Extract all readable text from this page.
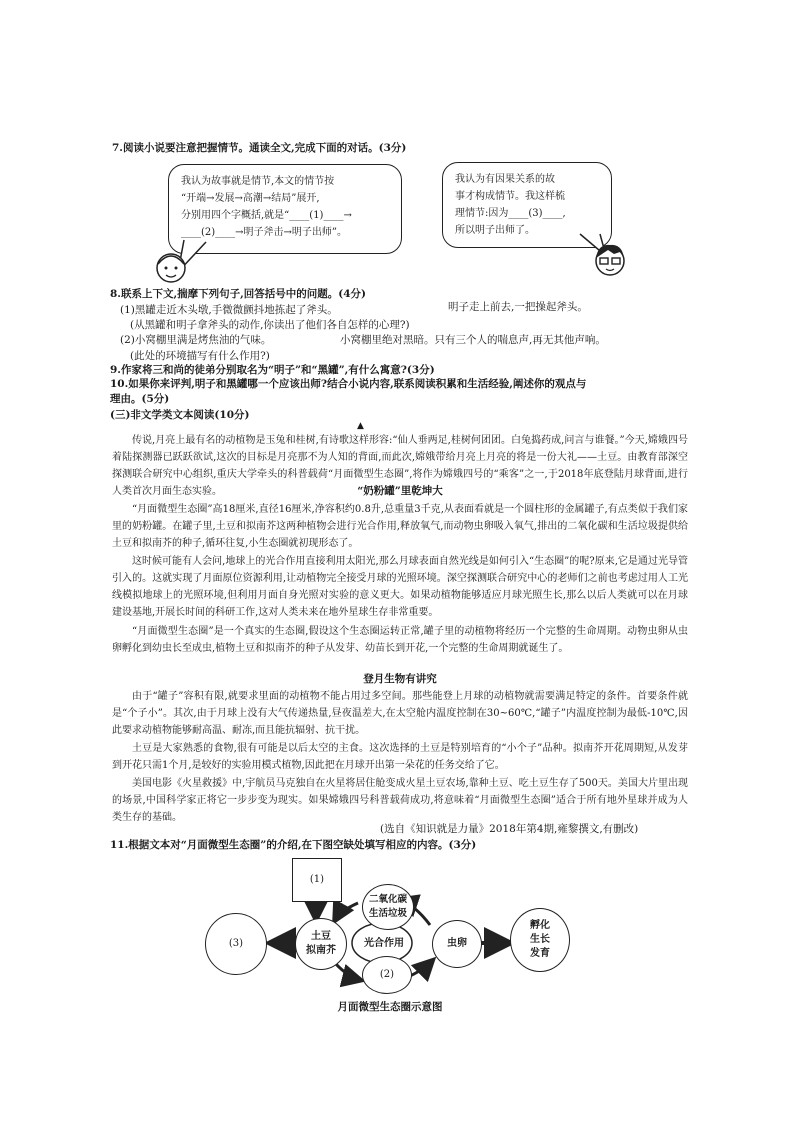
7.阅读小说要注意把握情节。通读全文,完成下面的对话。(3分)
我认为故事就是情节,本文的情节按
“开端→发展→高潮→结局”展开,
分别用四个字概括,就是“____(1)____→
____(2)____→明子斧击→明子出师”。
我认为有因果关系的故
事才构成情节。我这样梳
理情节:因为____(3)____,
所以明子出师了。
8.联系上下文,揣摩下列句子,回答括号中的问题。(4分)
(1)黑罐走近木头墩,手微微颤抖地拣起了斧头。	明子走上前去,一把操起斧头。
(从黑罐和明子拿斧头的动作,你读出了他们各自怎样的心理?)
(2)小窝棚里满是烤焦油的气味。	小窝棚里绝对黑暗。只有三个人的喘息声,再无其他声响。
(此处的环境描写有什么作用?)
9.作家将三和尚的徒弟分别取名为“明子”和“黑罐”,有什么寓意?(3分)
10.如果你来评判,明子和黑罐哪一个应该出师?结合小说内容,联系阅读积累和生活经验,阐述你的观点与
理由。(5分)
(三)非文学类文本阅读(10分)
▲
传说,月亮上最有名的动植物是玉兔和桂树,有诗歌这样形容:“仙人垂两足,桂树何团团。白兔捣药成,问言与谁餐。”今天,嫦娥四号着陆探测器已跃跃欲试,这次的目标是月亮那不为人知的背面,而此次,嫦娥带给月亮上月亮的将是一份大礼——土豆。由教育部深空探测联合研究中心组织,重庆大学牵头的科普载荷“月面微型生态圈”,将作为嫦娥四号的“乘客”之一,于2018年底登陆月球背面,进行人类首次月面生态实验。	“奶粉罐”里乾坤大
“月面微型生态圈”高18厘米,直径16厘米,净容积约0.8升,总重量3千克,从表面看就是一个圆柱形的金属罐子,有点类似于我们家里的奶粉罐。在罐子里,土豆和拟南芥这两种植物会进行光合作用,释放氧气,而动物虫卵吸入氧气,排出的二氧化碳和生活垃圾提供给土豆和拟南芥的种子,循环往复,小生态圈就初现形态了。
这时候可能有人会问,地球上的光合作用直接利用太阳光,那么月球表面自然光线是如何引入“生态圈”的呢?原来,它是通过光导管引入的。这就实现了月面原位资源利用,让动植物完全接受月球的光照环境。深空探测联合研究中心的老师们之前也考虑过用人工光线模拟地球上的光照环境,但利用月面自身光照对实验的意义更大。如果动植物能够适应月球光照生长,那么以后人类就可以在月球建设基地,开展长时间的科研工作,这对人类未来在地外星球生存非常重要。
“月面微型生态圈”是一个真实的生态圈,假设这个生态圈运转正常,罐子里的动植物将经历一个完整的生命周期。动物虫卵从虫卵孵化到幼虫长至成虫,植物土豆和拟南芥的种子从发芽、幼苗长到开花,一个完整的生命周期就诞生了。
登月生物有讲究
由于“罐子”容积有限,就要求里面的动植物不能占用过多空间。那些能登上月球的动植物就需要满足特定的条件。首要条件就是“个子小”。其次,由于月球上没有大气传递热量,昼夜温差大,在太空舱内温度控制在30~60℃,“罐子”内温度控制为最低-10℃,因此要求动植物能够耐高温、耐冻,而且能抗辐射、抗干扰。
土豆是大家熟悉的食物,很有可能是以后太空的主食。这次选择的土豆是特别培育的“小个子”品种。拟南芥开花周期短,从发芽到开花只需1个月,是较好的实验用模式植物,因此把在月球开出第一朵花的任务交给了它。
美国电影《火星救援》中,宇航员马克独自在火星将居住舱变成火星土豆农场,靠种土豆、吃土豆生存了500天。美国大片里出现的场景,中国科学家正将它一步步变为现实。如果嫦娥四号科普载荷成功,将意味着“月面微型生态圈”适合于所有地外星球并成为人类生存的基础。
(选自《知识就是力量》2018年第4期,雍黎撰文,有删改)
11.根据文本对“月面微型生态圈”的介绍,在下图空缺处填写相应的内容。(3分)
(1)
(3)
土豆
拟南芥
二氧化碳
生活垃圾
光合作用
(2)
虫卵
孵化
生长
发育
月面微型生态圈示意图
